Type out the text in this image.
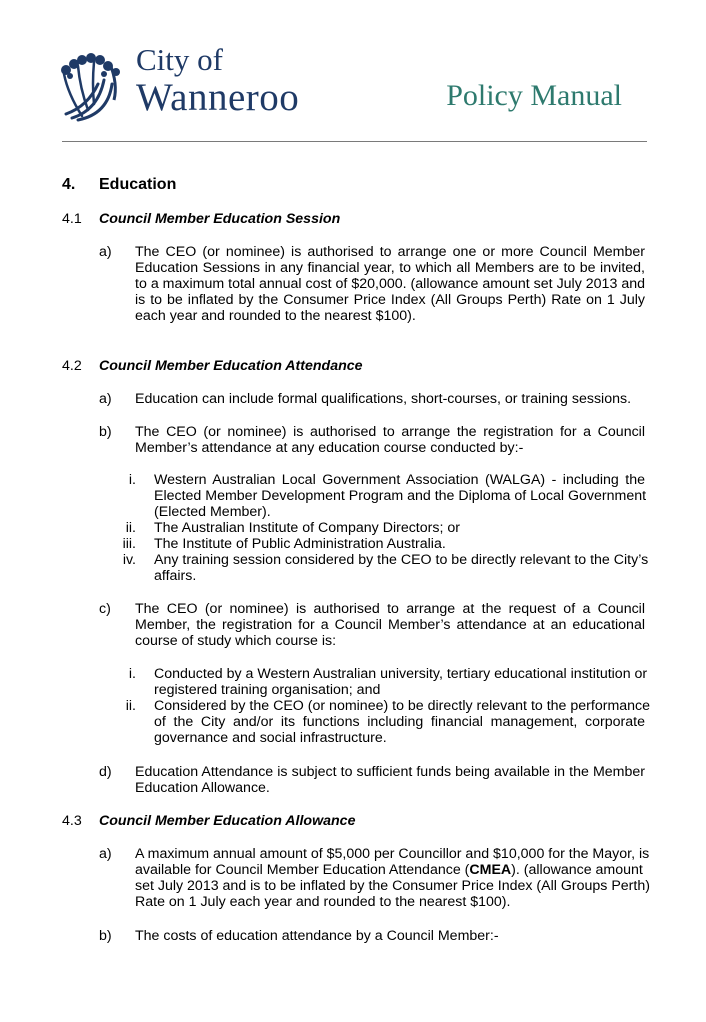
City of
Wanneroo	Policy Manual
4. Education
4.1 Council Member Education Session
a) The CEO (or nominee) is authorised to arrange one or more Council Member
Education Sessions in any financial year, to which all Members are to be invited,
to a maximum total annual cost of $20,000. (allowance amount set July 2013 and
is to be inflated by the Consumer Price Index (All Groups Perth) Rate on 1 July
each year and rounded to the nearest $100).
4.2 Council Member Education Attendance
a) Education can include formal qualifications, short-courses, or training sessions.
b) The CEO (or nominee) is authorised to arrange the registration for a Council
Member’s attendance at any education course conducted by:-
i. Western Australian Local Government Association (WALGA) - including the
Elected Member Development Program and the Diploma of Local Government
(Elected Member).
ii. The Australian Institute of Company Directors; or
iii. The Institute of Public Administration Australia.
iv. Any training session considered by the CEO to be directly relevant to the City’s
affairs.
c) The CEO (or nominee) is authorised to arrange at the request of a Council
Member, the registration for a Council Member’s attendance at an educational
course of study which course is:
i. Conducted by a Western Australian university, tertiary educational institution or
registered training organisation; and
ii. Considered by the CEO (or nominee) to be directly relevant to the performance
of the City and/or its functions including financial management, corporate
governance and social infrastructure.
d) Education Attendance is subject to sufficient funds being available in the Member
Education Allowance.
4.3 Council Member Education Allowance
a) A maximum annual amount of $5,000 per Councillor and $10,000 for the Mayor, is
available for Council Member Education Attendance (CMEA). (allowance amount
set July 2013 and is to be inflated by the Consumer Price Index (All Groups Perth)
Rate on 1 July each year and rounded to the nearest $100).
b) The costs of education attendance by a Council Member:-
